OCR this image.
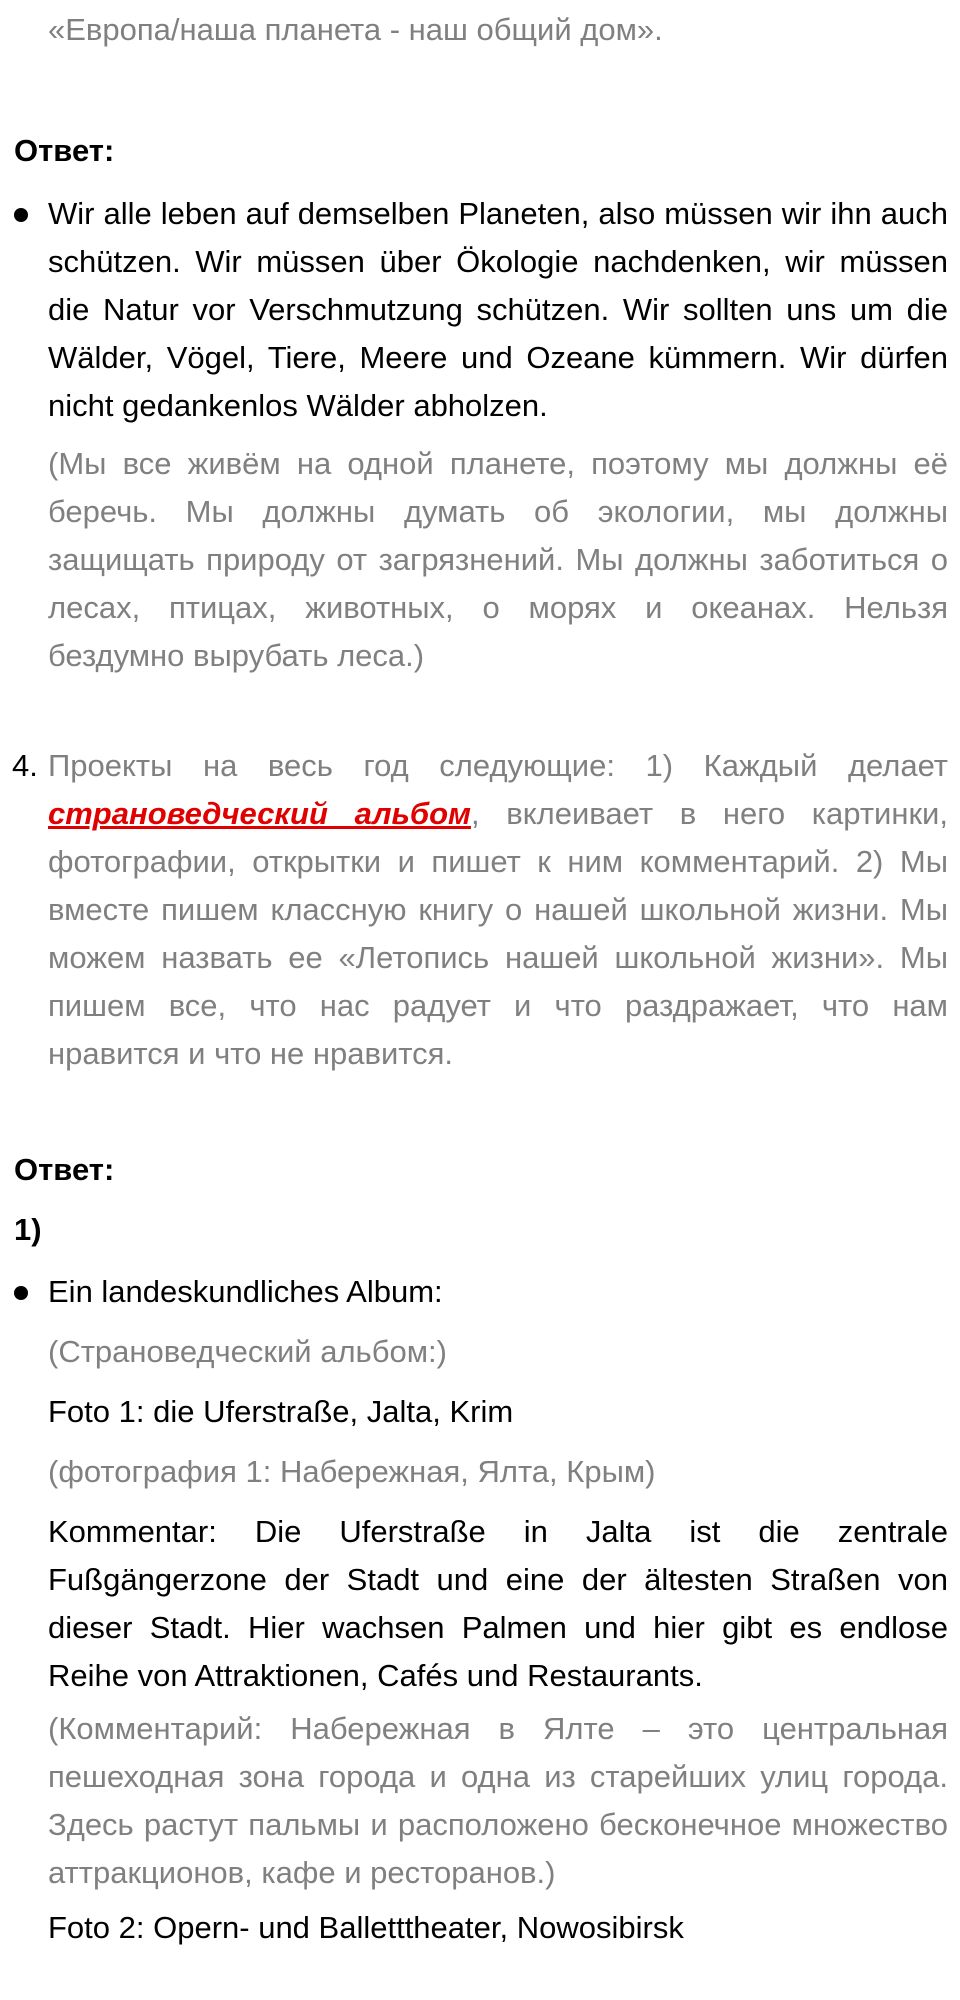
«Европа/наша планета - наш общий дом».
Ответ:
Wir alle leben auf demselben Planeten, also müssen wir ihn auch schützen. Wir müssen über Ökologie nachdenken, wir müssen die Natur vor Verschmutzung schützen. Wir sollten uns um die Wälder, Vögel, Tiere, Meere und Ozeane kümmern. Wir dürfen nicht gedankenlos Wälder abholzen.
(Мы все живём на одной планете, поэтому мы должны её беречь. Мы должны думать об экологии, мы должны защищать природу от загрязнений. Мы должны заботиться о лесах, птицах, животных, о морях и океанах. Нельзя бездумно вырубать леса.)
4. Проекты на весь год следующие: 1) Каждый делает страноведческий альбом, вклеивает в него картинки, фотографии, открытки и пишет к ним комментарий. 2) Мы вместе пишем классную книгу о нашей школьной жизни. Мы можем назвать ее «Летопись нашей школьной жизни». Мы пишем все, что нас радует и что раздражает, что нам нравится и что не нравится.
Ответ:
1)
Ein landeskundliches Album:
(Страноведческий альбом:)
Foto 1: die Uferstraße, Jalta, Krim
(фотография 1: Набережная, Ялта, Крым)
Kommentar: Die Uferstraße in Jalta ist die zentrale Fußgängerzone der Stadt und eine der ältesten Straßen von dieser Stadt. Hier wachsen Palmen und hier gibt es endlose Reihe von Attraktionen, Cafés und Restaurants.
(Комментарий: Набережная в Ялте – это центральная пешеходная зона города и одна из старейших улиц города. Здесь растут пальмы и расположено бесконечное множество аттракционов, кафе и ресторанов.)
Foto 2: Opern- und Balletttheater, Nowosibirsk
